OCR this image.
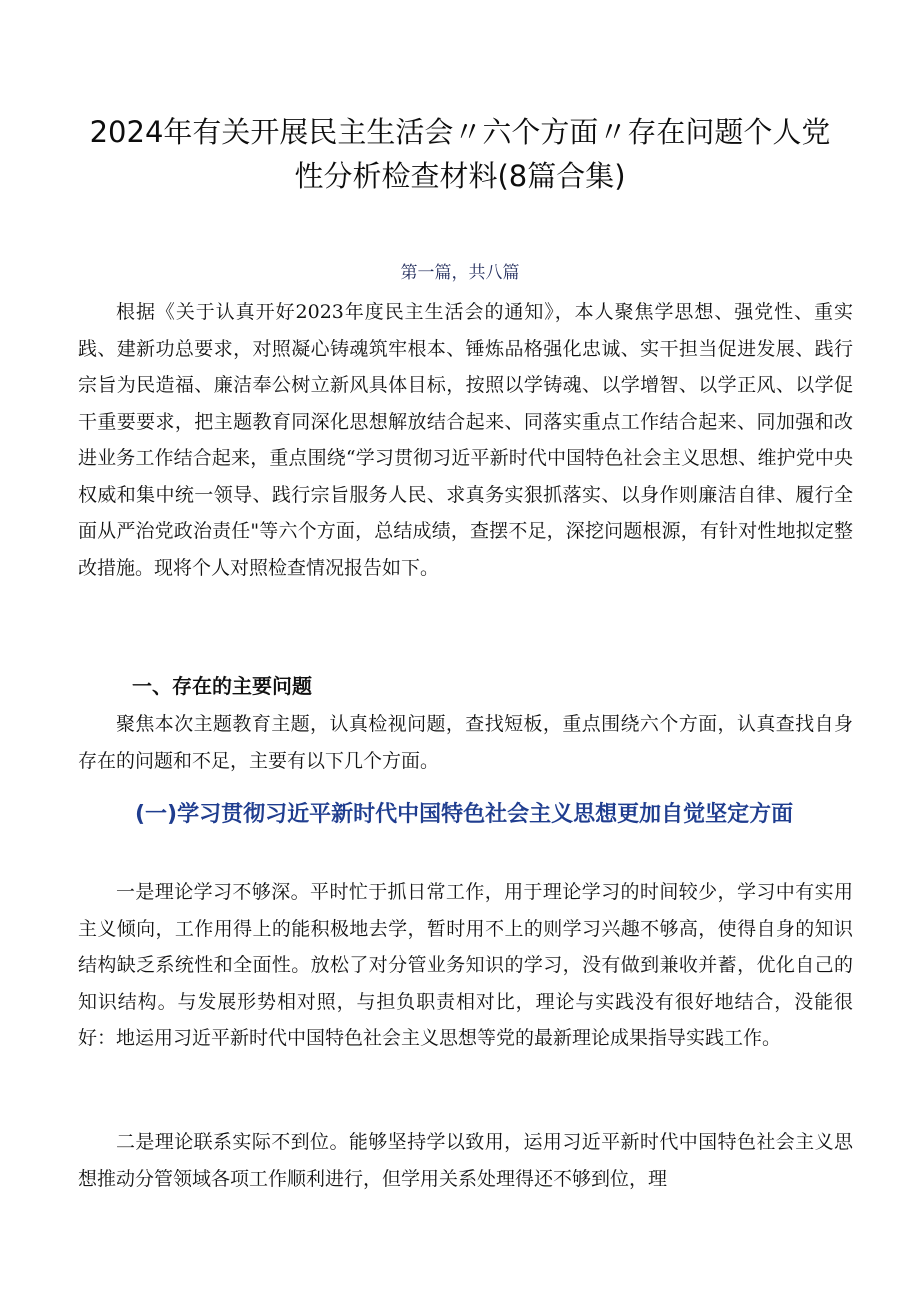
2024年有关开展民主生活会〃六个方面〃存在问题个人党
性分析检查材料(8篇合集)

第一篇，共八篇

根据《关于认真开好2023年度民主生活会的通知》，本人聚焦学思想、强党性、重实践、建新功总要求，对照凝心铸魂筑牢根本、锤炼品格强化忠诚、实干担当促进发展、践行宗旨为民造福、廉洁奉公树立新风具体目标，按照以学铸魂、以学增智、以学正风、以学促干重要要求，把主题教育同深化思想解放结合起来、同落实重点工作结合起来、同加强和改进业务工作结合起来，重点围绕“学习贯彻习近平新时代中国特色社会主义思想、维护党中央权威和集中统一领导、践行宗旨服务人民、求真务实狠抓落实、以身作则廉洁自律、履行全面从严治党政治责任"等六个方面，总结成绩，查摆不足，深挖问题根源，有针对性地拟定整改措施。现将个人对照检查情况报告如下。

一、存在的主要问题

聚焦本次主题教育主题，认真检视问题，查找短板，重点围绕六个方面，认真查找自身存在的问题和不足，主要有以下几个方面。

(一)学习贯彻习近平新时代中国特色社会主义思想更加自觉坚定方面

一是理论学习不够深。平时忙于抓日常工作，用于理论学习的时间较少，学习中有实用主义倾向，工作用得上的能积极地去学，暂时用不上的则学习兴趣不够高，使得自身的知识结构缺乏系统性和全面性。放松了对分管业务知识的学习，没有做到兼收并蓄，优化自己的知识结构。与发展形势相对照，与担负职责相对比，理论与实践没有很好地结合，没能很好：地运用习近平新时代中国特色社会主义思想等党的最新理论成果指导实践工作。

二是理论联系实际不到位。能够坚持学以致用，运用习近平新时代中国特色社会主义思想推动分管领域各项工作顺利进行，但学用关系处理得还不够到位，理
